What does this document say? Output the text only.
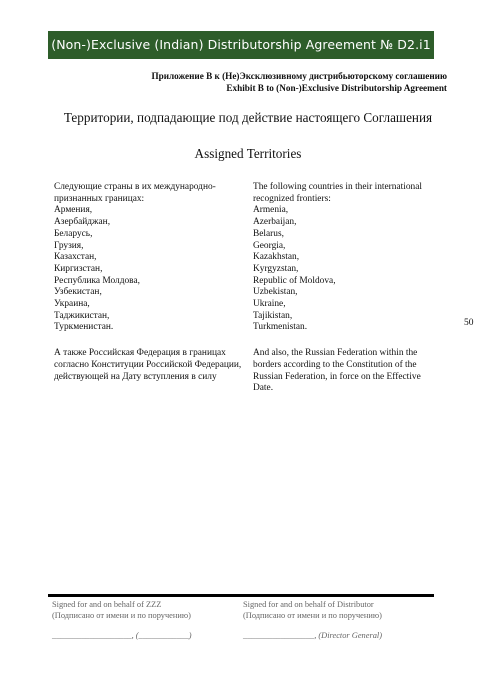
(Non-)Exclusive (Indian) Distributorship Agreement № D2.i1
Приложение B к (Не)Эксклюзивному дистрибьюторскому соглашению
Exhibit B to (Non-)Exclusive Distributorship Agreement
Территории, подпадающие под действие настоящего Соглашения
Assigned Territories

Следующие страны в их международно-признанных границах:

Армения,
Азербайджан,
Беларусь,
Грузия,
Казахстан,
Киргизстан,
Республика Молдова,
Узбекистан,
Украина,
Таджикистан,
Туркменистан.
А также Российская Федерация в границах согласно Конституции Российской Федерации, действующей на Дату вступления в силу

The following countries in their international recognized frontiers:

Armenia,
Azerbaijan,
Belarus,
Georgia,
Kazakhstan,
Kyrgyzstan,
Republic of Moldova,
Uzbekistan,
Ukraine,
Tajikistan,
Turkmenistan.
And also, the Russian Federation within the borders according to the Constitution of the Russian Federation, in force on the Effective Date.
50
Signed for and on behalf of ZZZ
(Подписано от имени и по поручению)
___________________, (____________)
Signed for and on behalf of Distributor
(Подписано от имени и по поручению)
_________________, (Director General)
